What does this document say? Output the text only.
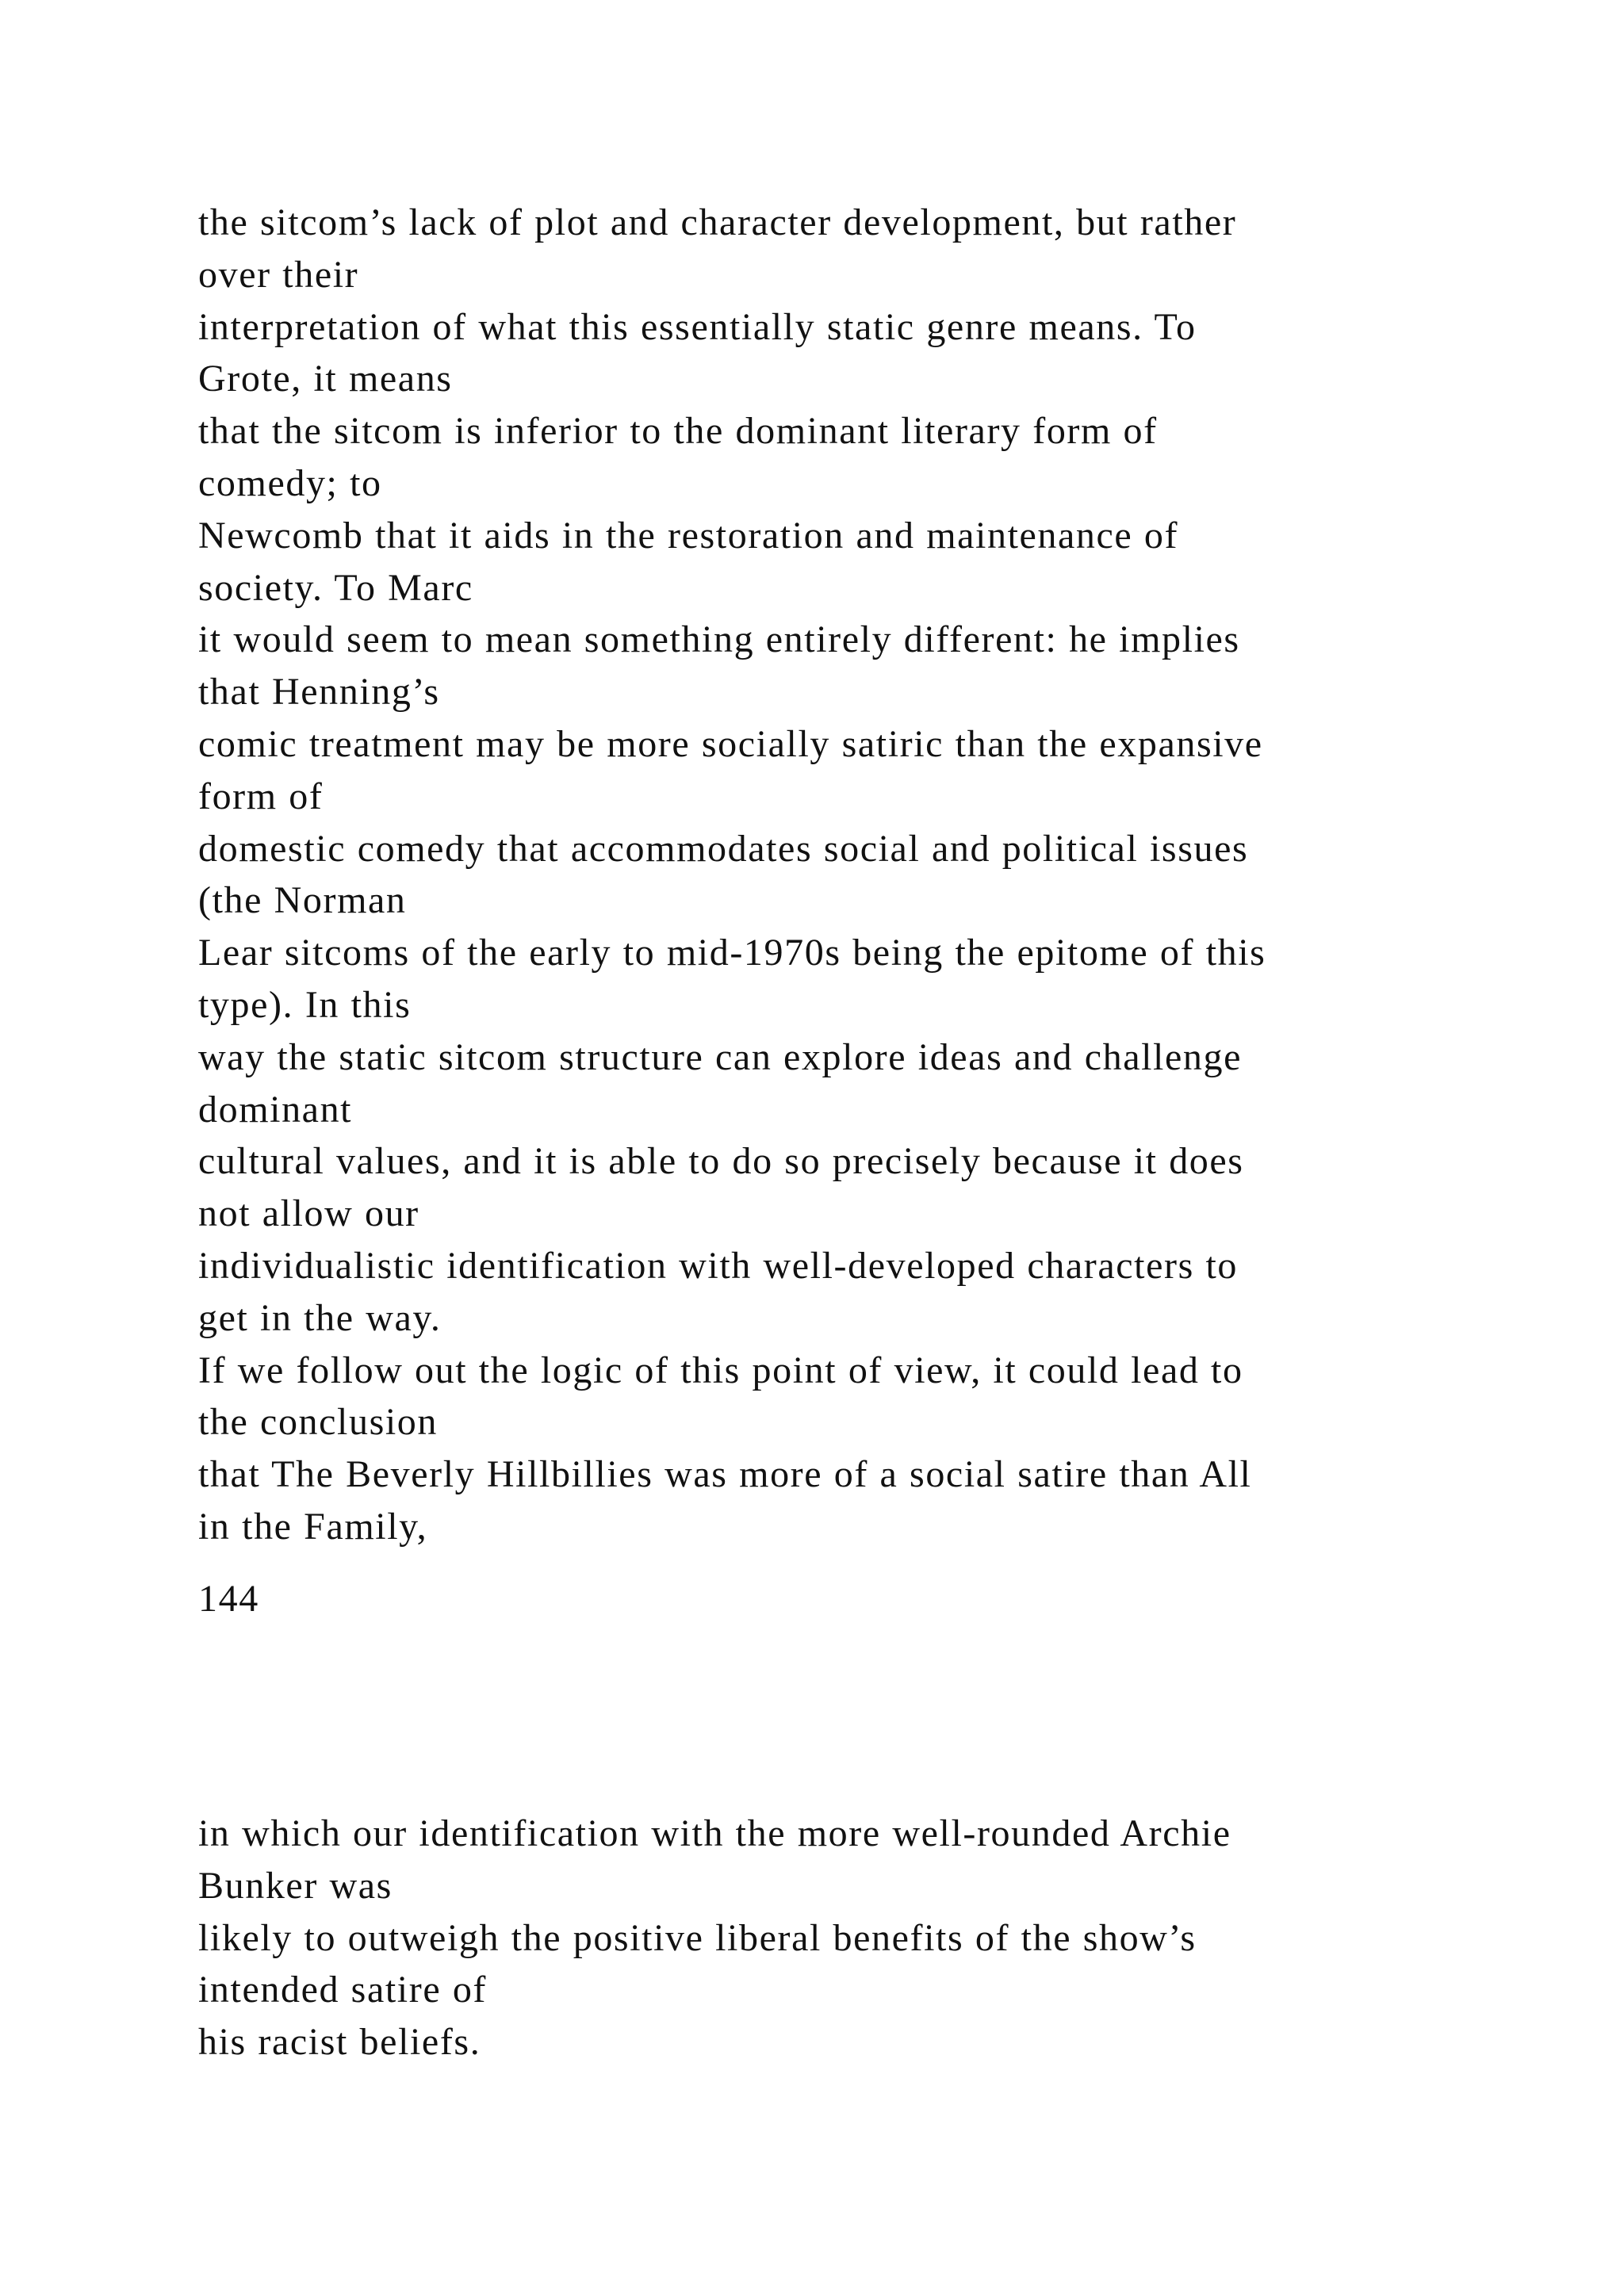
the sitcom’s lack of plot and character development, but rather
over their
interpretation of what this essentially static genre means. To
Grote, it means
that the sitcom is inferior to the dominant literary form of
comedy; to
Newcomb that it aids in the restoration and maintenance of
society. To Marc
it would seem to mean something entirely different: he implies
that Henning’s
comic treatment may be more socially satiric than the expansive
form of
domestic comedy that accommodates social and political issues
(the Norman
Lear sitcoms of the early to mid-1970s being the epitome of this
type). In this
way the static sitcom structure can explore ideas and challenge
dominant
cultural values, and it is able to do so precisely because it does
not allow our
individualistic identification with well-developed characters to
get in the way.
If we follow out the logic of this point of view, it could lead to
the conclusion
that The Beverly Hillbillies was more of a social satire than All
in the Family,
144
in which our identification with the more well-rounded Archie
Bunker was
likely to outweigh the positive liberal benefits of the show’s
intended satire of
his racist beliefs.
